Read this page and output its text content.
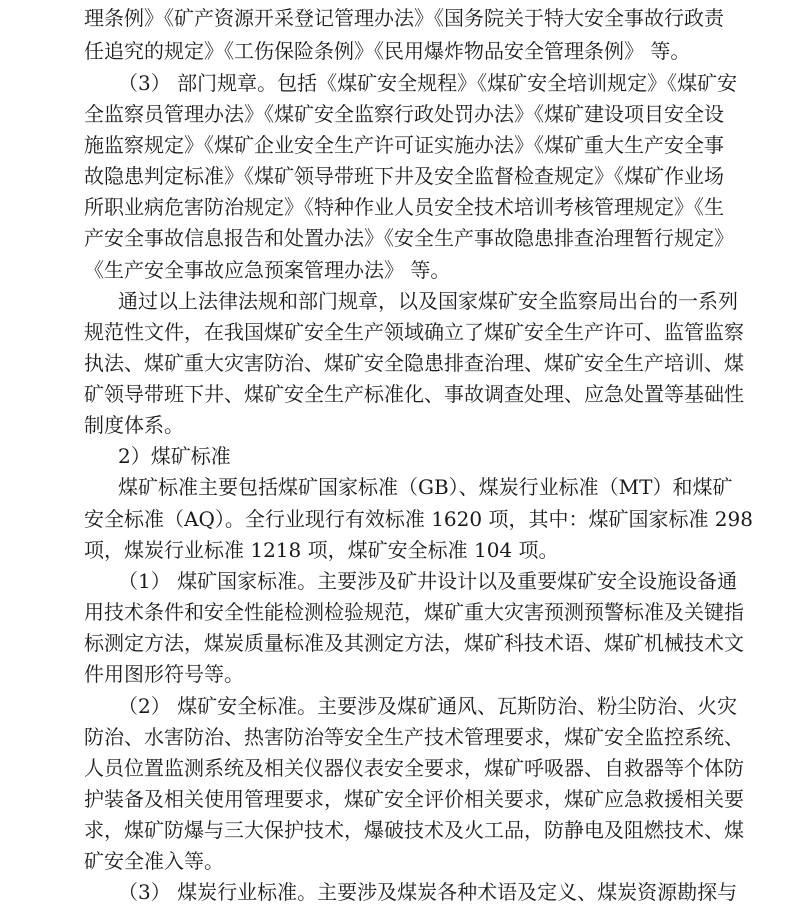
理条例》《矿产资源开采登记管理办法》《国务院关于特大安全事故行政责

任追究的规定》《工伤保险条例》《民用爆炸物品安全管理条例》 等。

（3） 部门规章。包括《煤矿安全规程》《煤矿安全培训规定》《煤矿安

全监察员管理办法》《煤矿安全监察行政处罚办法》《煤矿建设项目安全设

施监察规定》《煤矿企业安全生产许可证实施办法》《煤矿重大生产安全事

故隐患判定标准》《煤矿领导带班下井及安全监督检查规定》《煤矿作业场

所职业病危害防治规定》《特种作业人员安全技术培训考核管理规定》《生

产安全事故信息报告和处置办法》《安全生产事故隐患排查治理暂行规定》

《生产安全事故应急预案管理办法》 等。

通过以上法律法规和部门规章，以及国家煤矿安全监察局出台的一系列

规范性文件，在我国煤矿安全生产领域确立了煤矿安全生产许可、监管监察

执法、煤矿重大灾害防治、煤矿安全隐患排查治理、煤矿安全生产培训、煤

矿领导带班下井、煤矿安全生产标准化、事故调查处理、应急处置等基础性

制度体系。

2）煤矿标准

煤矿标准主要包括煤矿国家标准（GB）、煤炭行业标准（MT）和煤矿

安全标准（AQ）。全行业现行有效标准 1620 项，其中：煤矿国家标准 298

项，煤炭行业标准 1218 项，煤矿安全标准 104 项。

（1） 煤矿国家标准。主要涉及矿井设计以及重要煤矿安全设施设备通

用技术条件和安全性能检测检验规范，煤矿重大灾害预测预警标准及关键指

标测定方法，煤炭质量标准及其测定方法，煤矿科技术语、煤矿机械技术文

件用图形符号等。

（2） 煤矿安全标准。主要涉及煤矿通风、瓦斯防治、粉尘防治、火灾

防治、水害防治、热害防治等安全生产技术管理要求，煤矿安全监控系统、

人员位置监测系统及相关仪器仪表安全要求，煤矿呼吸器、自救器等个体防

护装备及相关使用管理要求，煤矿安全评价相关要求，煤矿应急救援相关要

求，煤矿防爆与三大保护技术，爆破技术及火工品，防静电及阻燃技术、煤

矿安全准入等。

（3） 煤炭行业标准。主要涉及煤炭各种术语及定义、煤炭资源勘探与
